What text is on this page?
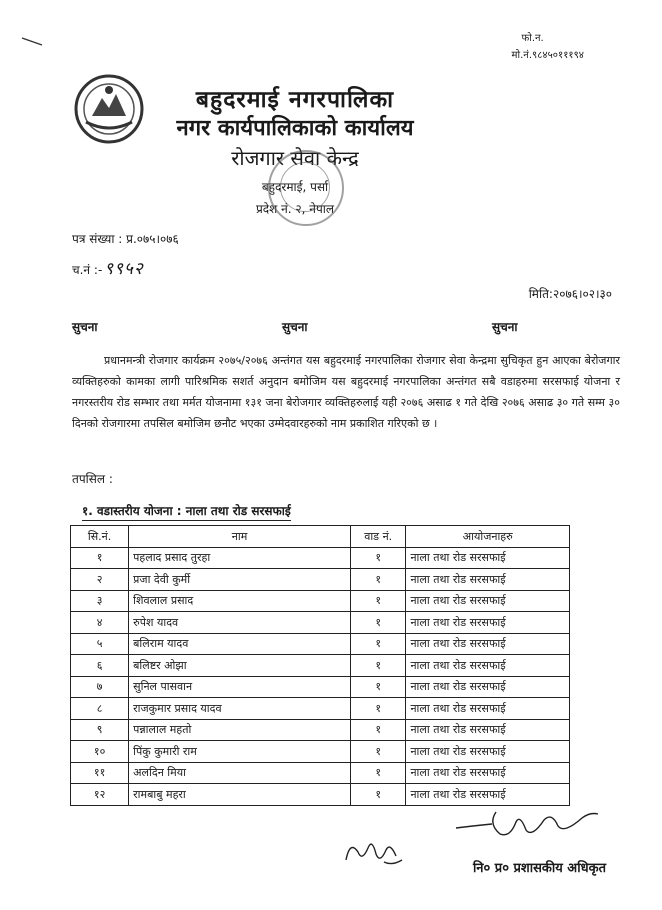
फो.न.
मो.नं.९८४५०१११९४
बहुदरमाई नगरपालिका
नगर कार्यपालिकाको कार्यालय
रोजगार सेवा केन्द्र
बहुदरमाई, पर्सा
प्रदेश नं. २, नेपाल
पत्र संख्या : प्र.०७५।०७६
च.नं :- ९९५२
मिति:२०७६।०२।३०
सुचना	सुचना	सुचना
प्रधानमन्त्री रोजगार कार्यक्रम २०७५/२०७६ अन्तंगत यस बहुदरमाई नगरपालिका रोजगार सेवा केन्द्रमा सुचिकृत हुन आएका बेरोजगार व्यक्तिहरुको कामका लागी पारिश्रमिक सशर्त अनुदान बमोजिम यस बहुदरमाई नगरपालिका अन्तंगत सबै वडाहरुमा सरसफाई योजना र नगरस्तरीय रोड सम्भार तथा मर्मत योजनामा १३१ जना बेरोजगार व्यक्तिहरुलाई यही २०७६ असाढ १ गते देखि २०७६ असाढ ३० गते सम्म ३० दिनको रोजगारमा तपसिल बमोजिम छनौट भएका उम्मेदवारहरुको नाम प्रकाशित गरिएको छ ।
तपसिल :
१. वडास्तरीय योजना : नाला तथा रोड सरसफाई
सि.नं.	नाम	वाड नं.	आयोजनाहरु
१	पहलाद प्रसाद तुरहा	१	नाला तथा रोड सरसफाई
२	प्रजा देवी कुर्मी	१	नाला तथा रोड सरसफाई
३	शिवलाल प्रसाद	१	नाला तथा रोड सरसफाई
४	रुपेश यादव	१	नाला तथा रोड सरसफाई
५	बलिराम यादव	१	नाला तथा रोड सरसफाई
६	बलिष्टर ओझा	१	नाला तथा रोड सरसफाई
७	सुनिल पासवान	१	नाला तथा रोड सरसफाई
८	राजकुमार प्रसाद यादव	१	नाला तथा रोड सरसफाई
९	पन्नालाल महतो	१	नाला तथा रोड सरसफाई
१०	पिंकु कुमारी राम	१	नाला तथा रोड सरसफाई
११	अलदिन मिया	१	नाला तथा रोड सरसफाई
१२	रामबाबु महरा	१	नाला तथा रोड सरसफाई
नि० प्र० प्रशासकीय अधिकृत
